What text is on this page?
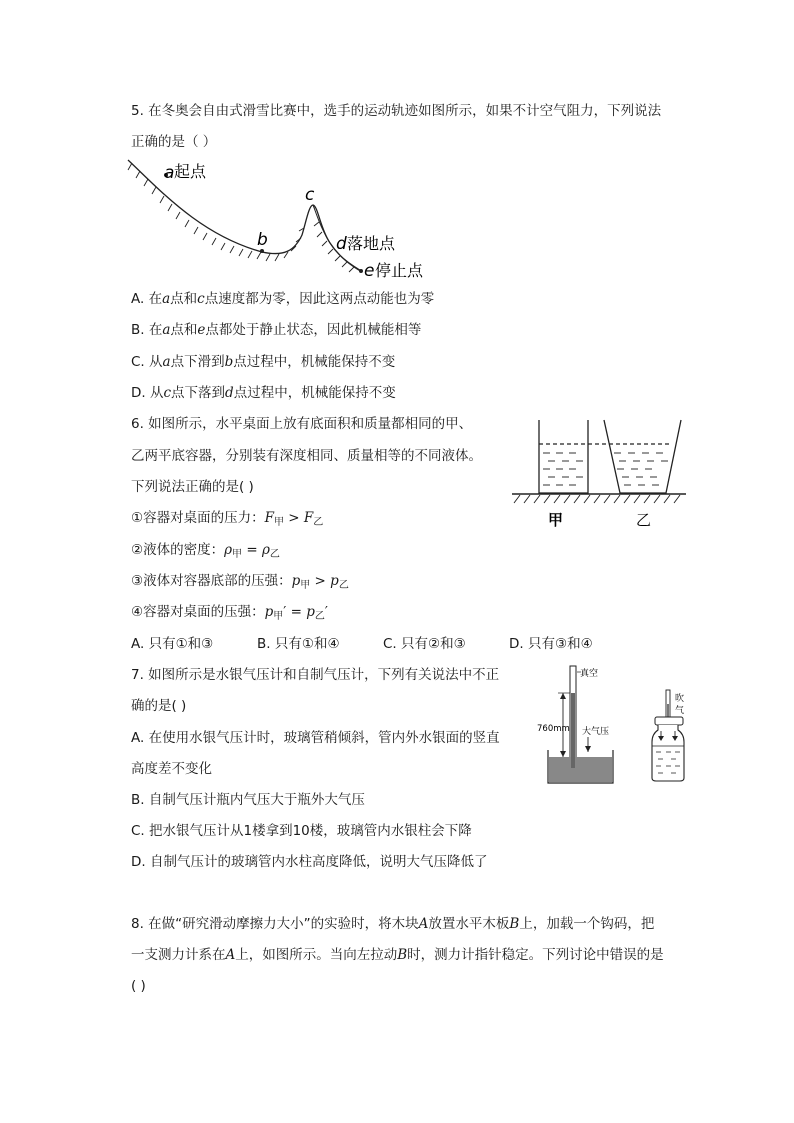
5. 在冬奥会自由式滑雪比赛中，选手的运动轨迹如图所示，如果不计空气阻力，下列说法
正确的是（ ）
a 起点
b
c
d 落地点
e 停止点
A. 在a点和c点速度都为零，因此这两点动能也为零
B. 在a点和e点都处于静止状态，因此机械能相等
C. 从a点下滑到b点过程中，机械能保持不变
D. 从c点下落到d点过程中，机械能保持不变
6. 如图所示，水平桌面上放有底面积和质量都相同的甲、
乙两平底容器，分别装有深度相同、质量相等的不同液体。
下列说法正确的是( )
①容器对桌面的压力：$F_甲 > F_乙$
②液体的密度：$\rho_甲 = \rho_乙$
③液体对容器底部的压强：$p_甲 > p_乙$
④容器对桌面的压强：$p_甲' = p_乙'$
A. 只有①和③	B. 只有①和④	C. 只有②和③	D. 只有③和④
甲	乙
7. 如图所示是水银气压计和自制气压计，下列有关说法中不正
确的是( )
A. 在使用水银气压计时，玻璃管稍倾斜，管内外水银面的竖直
高度差不变化
B. 自制气压计瓶内气压大于瓶外大气压
C. 把水银气压计从1楼拿到10楼，玻璃管内水银柱会下降
D. 自制气压计的玻璃管内水柱高度降低，说明大气压降低了
760mm
真空
大气压
吹
气
8. 在做“研究滑动摩擦力大小”的实验时，将木块A放置水平木板B上，加载一个钩码，把
一支测力计系在A上，如图所示。当向左拉动B时，测力计指针稳定。下列讨论中错误的是
( )
